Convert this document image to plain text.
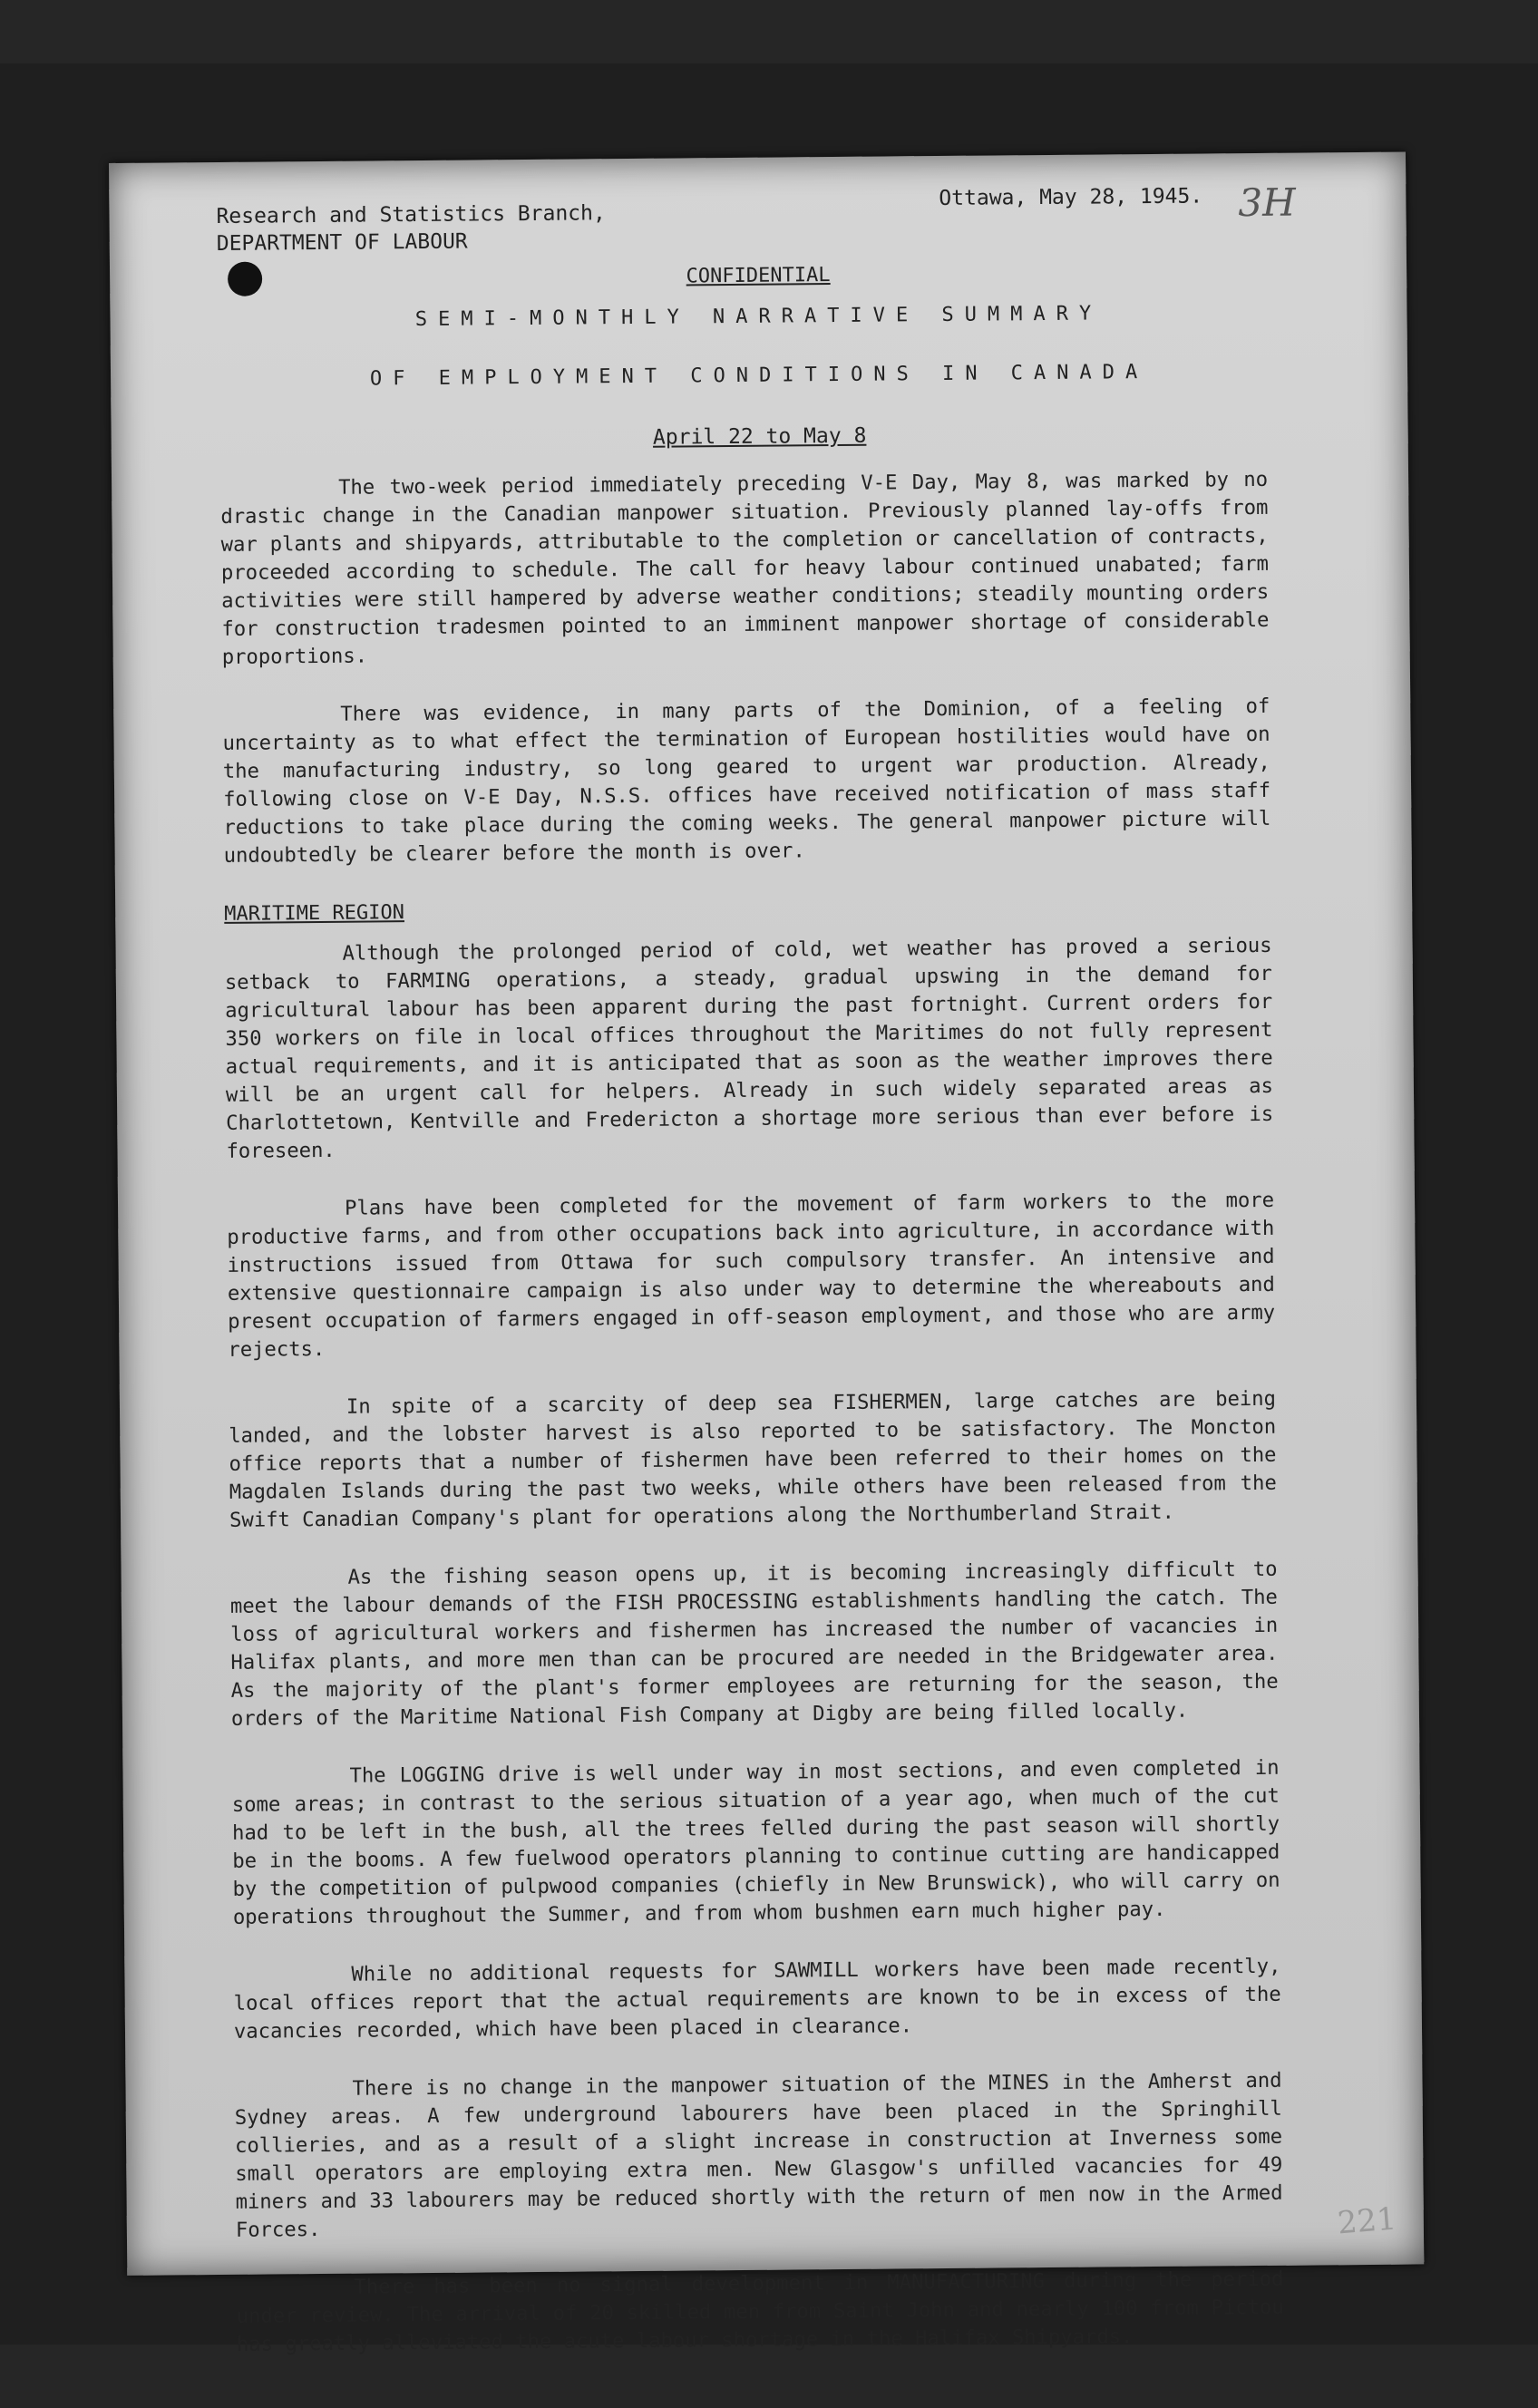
Research and Statistics Branch,
DEPARTMENT OF LABOUR
Ottawa, May 28, 1945. 3H
CONFIDENTIAL
SEMI-MONTHLY NARRATIVE SUMMARY
OF EMPLOYMENT CONDITIONS IN CANADA
April 22 to May 8

The two-week period immediately preceding V-E Day, May 8, was marked by no drastic change in the Canadian manpower situation. Previously planned lay-offs from war plants and shipyards, attributable to the completion or cancellation of contracts, proceeded according to schedule. The call for heavy labour continued unabated; farm activities were still hampered by adverse weather conditions; steadily mounting orders for construction tradesmen pointed to an imminent manpower shortage of considerable proportions.

There was evidence, in many parts of the Dominion, of a feeling of uncertainty as to what effect the termination of European hostilities would have on the manufacturing industry, so long geared to urgent war production. Already, following close on V-E Day, N.S.S. offices have received notification of mass staff reductions to take place during the coming weeks. The general manpower picture will undoubtedly be clearer before the month is over.

MARITIME REGION

Although the prolonged period of cold, wet weather has proved a serious setback to FARMING operations, a steady, gradual upswing in the demand for agricultural labour has been apparent during the past fortnight. Current orders for 350 workers on file in local offices throughout the Maritimes do not fully represent actual requirements, and it is anticipated that as soon as the weather improves there will be an urgent call for helpers. Already in such widely separated areas as Charlottetown, Kentville and Fredericton a shortage more serious than ever before is foreseen.

Plans have been completed for the movement of farm workers to the more productive farms, and from other occupations back into agriculture, in accordance with instructions issued from Ottawa for such compulsory transfer. An intensive and extensive questionnaire campaign is also under way to determine the whereabouts and present occupation of farmers engaged in off-season employment, and those who are army rejects.

In spite of a scarcity of deep sea FISHERMEN, large catches are being landed, and the lobster harvest is also reported to be satisfactory. The Moncton office reports that a number of fishermen have been referred to their homes on the Magdalen Islands during the past two weeks, while others have been released from the Swift Canadian Company's plant for operations along the Northumberland Strait.

As the fishing season opens up, it is becoming increasingly difficult to meet the labour demands of the FISH PROCESSING establishments handling the catch. The loss of agricultural workers and fishermen has increased the number of vacancies in Halifax plants, and more men than can be procured are needed in the Bridgewater area. As the majority of the plant's former employees are returning for the season, the orders of the Maritime National Fish Company at Digby are being filled locally.

The LOGGING drive is well under way in most sections, and even completed in some areas; in contrast to the serious situation of a year ago, when much of the cut had to be left in the bush, all the trees felled during the past season will shortly be in the booms. A few fuelwood operators planning to continue cutting are handicapped by the competition of pulpwood companies (chiefly in New Brunswick), who will carry on operations throughout the Summer, and from whom bushmen earn much higher pay.

While no additional requests for SAWMILL workers have been made recently, local offices report that the actual requirements are known to be in excess of the vacancies recorded, which have been placed in clearance.

There is no change in the manpower situation of the MINES in the Amherst and Sydney areas. A few underground labourers have been placed in the Springhill collieries, and as a result of a slight increase in construction at Inverness some small operators are employing extra men. New Glasgow's unfilled vacancies for 49 miners and 33 labourers may be reduced shortly with the return of men now in the Armed Forces.

There has been no signal development in MANUFACTURING during the period under review. The arrival of 20 skilled men from Saint John and nearly 100 from Pictou has greatly alleviated the acute labour shortage in the Halifax Shipyards.

221
